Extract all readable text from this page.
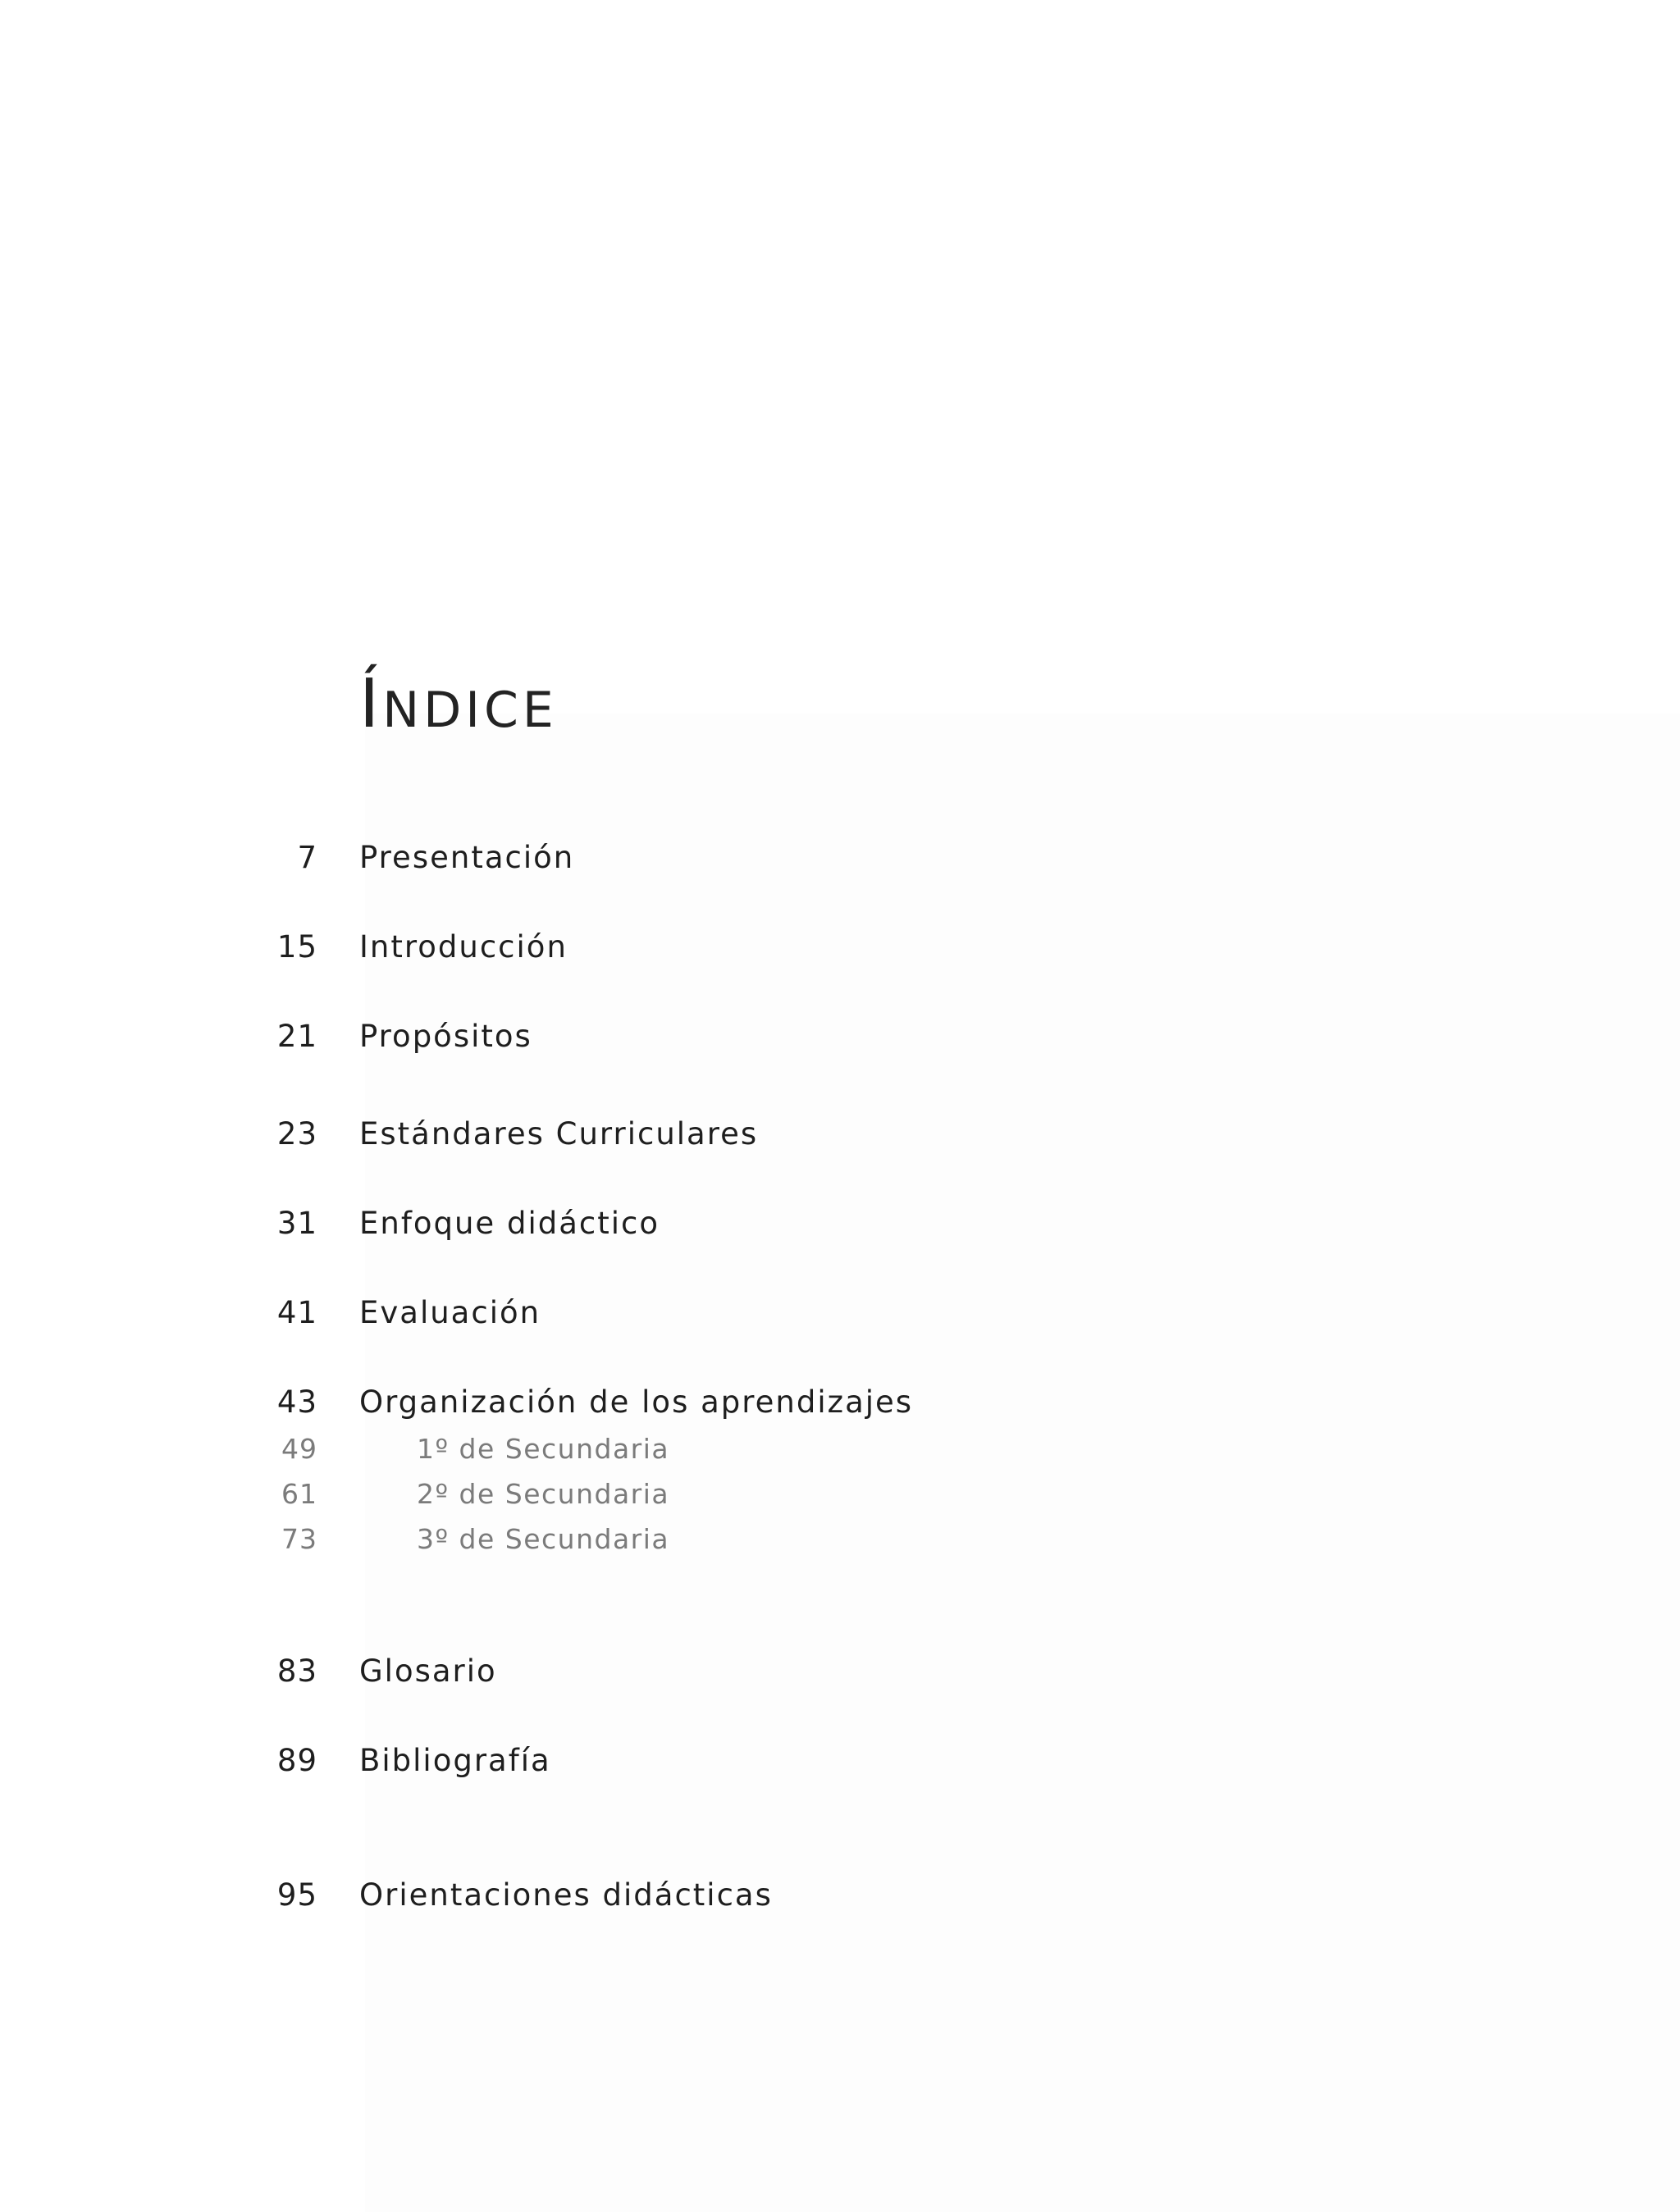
ÍNDICE
7 Presentación
15 Introducción
21 Propósitos
23 Estándares Curriculares
31 Enfoque didáctico
41 Evaluación
43 Organización de los aprendizajes
49	1º de Secundaria
61	2º de Secundaria
73	3º de Secundaria
83 Glosario
89 Bibliografía
95 Orientaciones didácticas
